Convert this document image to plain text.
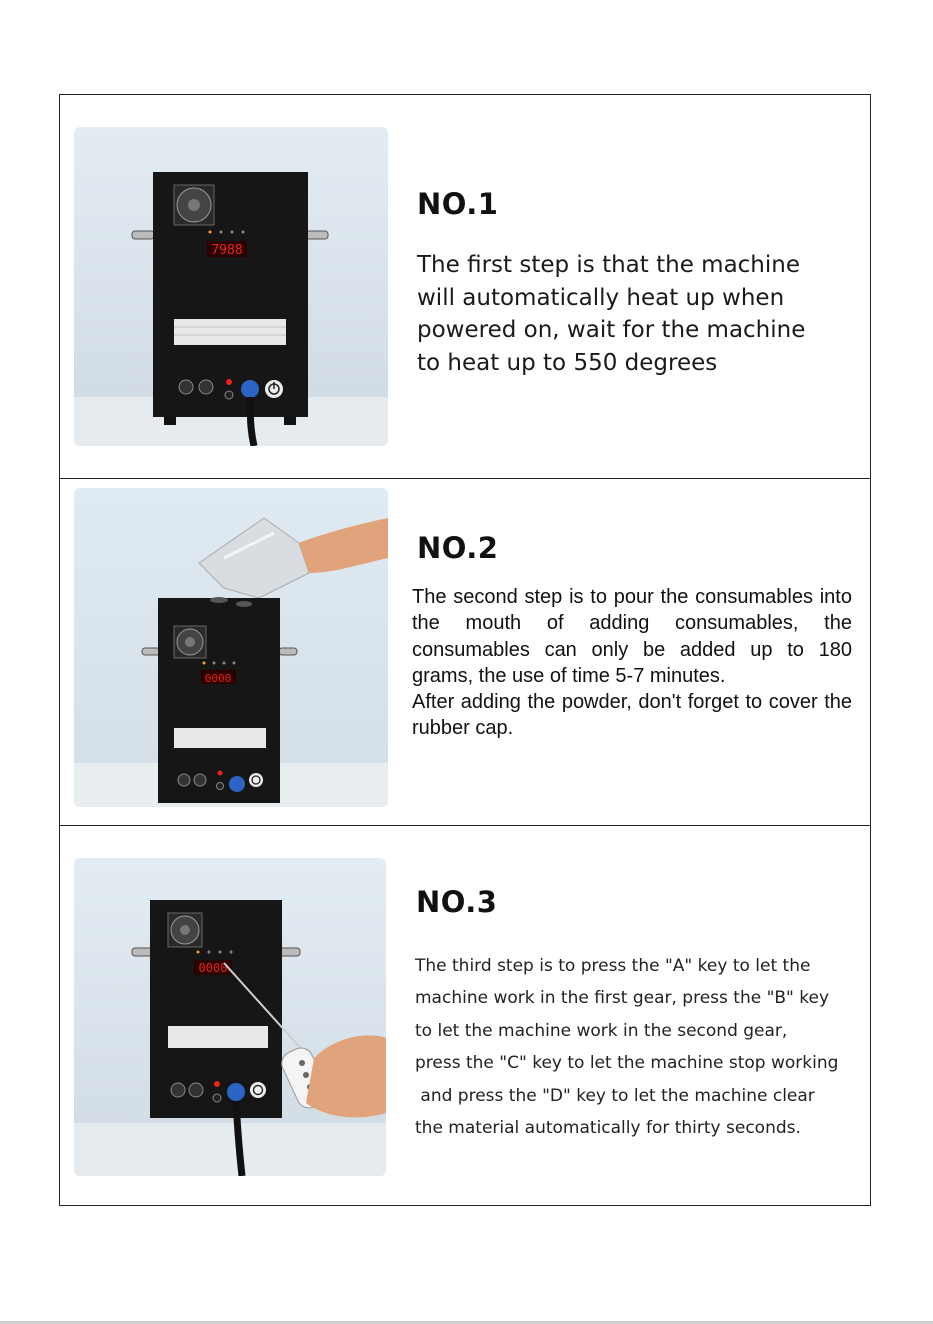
7988
NO.1
The first step is that the machine
will automatically heat up when
powered on, wait for the machine
to heat up to 550 degrees
0000
NO.2

The second step is to pour the consumables into the mouth of adding consumables, the consumables can only be added up to 180 grams, the use of time 5-7 minutes.

After adding the powder, don't forget to cover the rubber cap.

0000
NO.3
The third step is to press the "A" key to let the
machine work in the first gear, press the "B" key
to let the machine work in the second gear,
press the "C" key to let the machine stop working
and press the "D" key to let the machine clear
the material automatically for thirty seconds.
